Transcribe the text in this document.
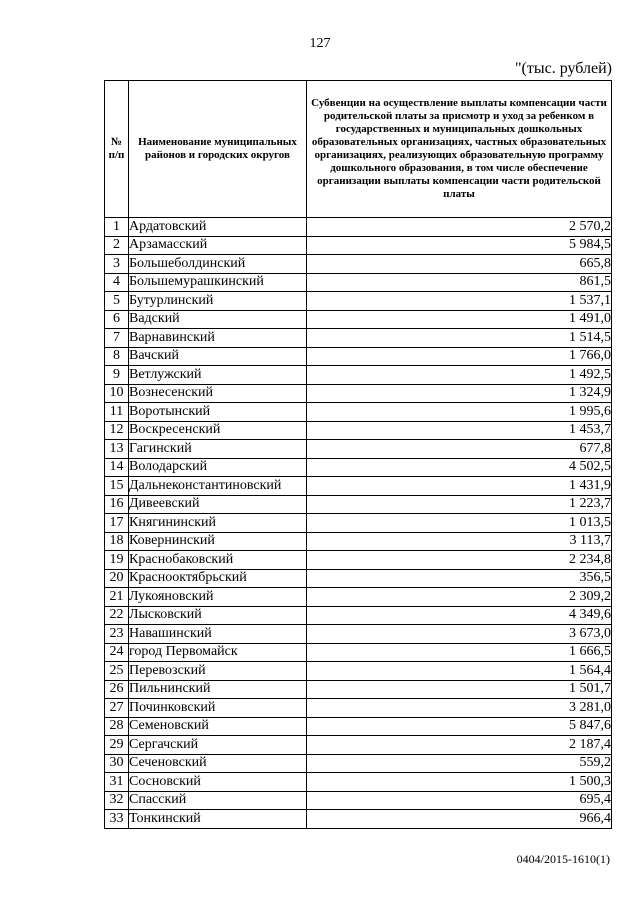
127
"(тыс. рублей)
№ п/п	Наименование муниципальных районов и городских округов	Субвенции на осуществление выплаты компенсации части родительской платы за присмотр и уход за ребенком в государственных и муниципальных дошкольных образовательных организациях, частных образовательных организациях, реализующих образовательную программу дошкольного образования, в том числе обеспечение организации выплаты компенсации части родительской платы
1	Ардатовский	2 570,2
2	Арзамасский	5 984,5
3	Большеболдинский	665,8
4	Большемурашкинский	861,5
5	Бутурлинский	1 537,1
6	Вадский	1 491,0
7	Варнавинский	1 514,5
8	Вачский	1 766,0
9	Ветлужский	1 492,5
10	Вознесенский	1 324,9
11	Воротынский	1 995,6
12	Воскресенский	1 453,7
13	Гагинский	677,8
14	Володарский	4 502,5
15	Дальнеконстантиновский	1 431,9
16	Дивеевский	1 223,7
17	Княгининский	1 013,5
18	Ковернинский	3 113,7
19	Краснобаковский	2 234,8
20	Краснооктябрьский	356,5
21	Лукояновский	2 309,2
22	Лысковский	4 349,6
23	Навашинский	3 673,0
24	город Первомайск	1 666,5
25	Перевозский	1 564,4
26	Пильнинский	1 501,7
27	Починковский	3 281,0
28	Семеновский	5 847,6
29	Сергачский	2 187,4
30	Сеченовский	559,2
31	Сосновский	1 500,3
32	Спасский	695,4
33	Тонкинский	966,4
0404/2015-1610(1)
